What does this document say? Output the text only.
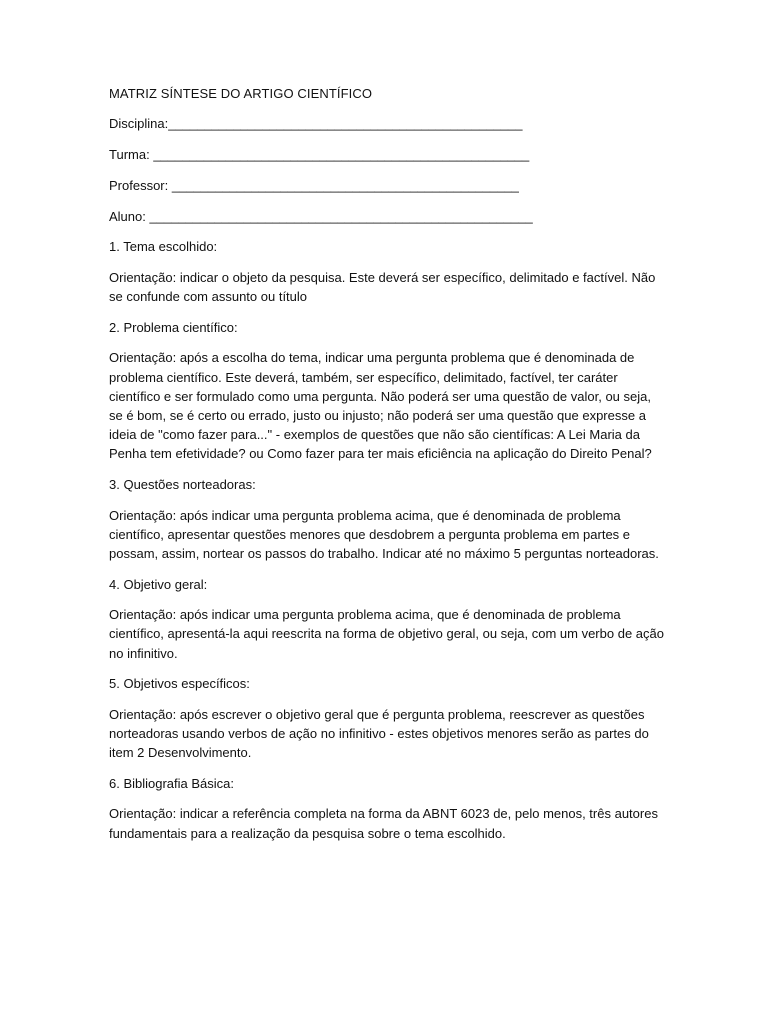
MATRIZ SÍNTESE DO ARTIGO CIENTÍFICO
Disciplina:_________________________________________________
Turma: ____________________________________________________
Professor: ________________________________________________
Aluno: _____________________________________________________
1. Tema escolhido:
Orientação: indicar o objeto da pesquisa. Este deverá ser específico, delimitado e factível. Não se confunde com assunto ou título
2. Problema científico:
Orientação: após a escolha do tema, indicar uma pergunta problema que é denominada de problema científico. Este deverá, também, ser específico, delimitado, factível, ter caráter científico e ser formulado como uma pergunta. Não poderá ser uma questão de valor, ou seja, se é bom, se é certo ou errado, justo ou injusto; não poderá ser uma questão que expresse a ideia de "como fazer para..." - exemplos de questões que não são científicas: A Lei Maria da Penha tem efetividade? ou Como fazer para ter mais eficiência na aplicação do Direito Penal?
3. Questões norteadoras:
Orientação: após indicar uma pergunta problema acima, que é denominada de problema científico, apresentar questões menores que desdobrem a pergunta problema em partes e possam, assim, nortear os passos do trabalho. Indicar até no máximo 5 perguntas norteadoras.
4. Objetivo geral:
Orientação: após indicar uma pergunta problema acima, que é denominada de problema científico, apresentá-la aqui reescrita na forma de objetivo geral, ou seja, com um verbo de ação no infinitivo.
5. Objetivos específicos:
Orientação: após escrever o objetivo geral que é pergunta problema, reescrever as questões norteadoras usando verbos de ação no infinitivo - estes objetivos menores serão as partes do item 2 Desenvolvimento.
6. Bibliografia Básica:
Orientação: indicar a referência completa na forma da ABNT 6023 de, pelo menos, três autores fundamentais para a realização da pesquisa sobre o tema escolhido.
